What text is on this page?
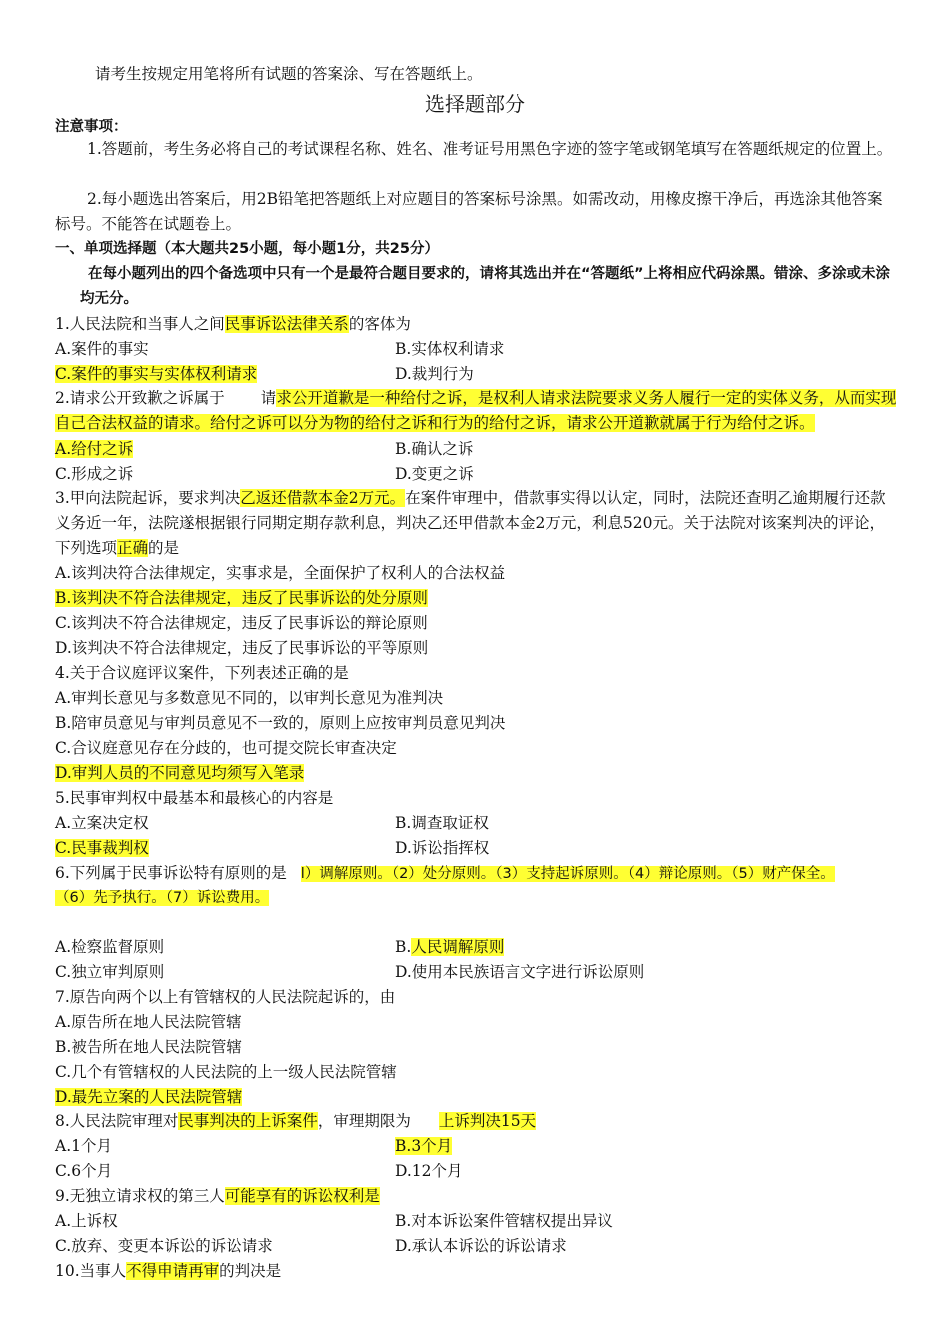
请考生按规定用笔将所有试题的答案涂、写在答题纸上。
选择题部分
注意事项：
1.答题前，考生务必将自己的考试课程名称、姓名、准考证号用黑色字迹的签字笔或钢笔填写在答题纸规定的位置上。
2.每小题选出答案后，用2B铅笔把答题纸上对应题目的答案标号涂黑。如需改动，用橡皮擦干净后，再选涂其他答案标号。不能答在试题卷上。
一、单项选择题（本大题共25小题，每小题1分，共25分）
在每小题列出的四个备选项中只有一个是最符合题目要求的，请将其选出并在“答题纸”上将相应代码涂黑。错涂、多涂或未涂均无分。
1.人民法院和当事人之间民事诉讼法律关系的客体为
A.案件的事实	B.实体权利请求
C.案件的事实与实体权利请求	D.裁判行为
2.请求公开致歉之诉属于 请求公开道歉是一种给付之诉，是权利人请求法院要求义务人履行一定的实体义务，从而实现自己合法权益的请求。给付之诉可以分为物的给付之诉和行为的给付之诉，请求公开道歉就属于行为给付之诉。
A.给付之诉	B.确认之诉
C.形成之诉	D.变更之诉
3.甲向法院起诉，要求判决乙返还借款本金2万元。在案件审理中，借款事实得以认定，同时，法院还查明乙逾期履行还款义务近一年，法院遂根据银行同期定期存款利息，判决乙还甲借款本金2万元，利息520元。关于法院对该案判决的评论，下列选项正确的是
A.该判决符合法律规定，实事求是，全面保护了权利人的合法权益
B.该判决不符合法律规定，违反了民事诉讼的处分原则
C.该判决不符合法律规定，违反了民事诉讼的辩论原则
D.该判决不符合法律规定，违反了民事诉讼的平等原则
4.关于合议庭评议案件，下列表述正确的是
A.审判长意见与多数意见不同的，以审判长意见为准判决
B.陪审员意见与审判员意见不一致的，原则上应按审判员意见判决
C.合议庭意见存在分歧的，也可提交院长审查决定
D.审判人员的不同意见均须写入笔录
5.民事审判权中最基本和最核心的内容是
A.立案决定权	B.调查取证权
C.民事裁判权	D.诉讼指挥权
6.下列属于民事诉讼特有原则的是 l）调解原则。（2）处分原则。（3）支持起诉原则。（4）辩论原则。（5）财产保全。
（6）先予执行。（7）诉讼费用。
A.检察监督原则	B.人民调解原则
C.独立审判原则	D.使用本民族语言文字进行诉讼原则
7.原告向两个以上有管辖权的人民法院起诉的，由
A.原告所在地人民法院管辖
B.被告所在地人民法院管辖
C.几个有管辖权的人民法院的上一级人民法院管辖
D.最先立案的人民法院管辖
8.人民法院审理对民事判决的上诉案件，审理期限为 上诉判决15天
A.1个月	B.3个月
C.6个月	D.12个月
9.无独立请求权的第三人可能享有的诉讼权利是
A.上诉权	B.对本诉讼案件管辖权提出异议
C.放弃、变更本诉讼的诉讼请求	D.承认本诉讼的诉讼请求
10.当事人不得申请再审的判决是
